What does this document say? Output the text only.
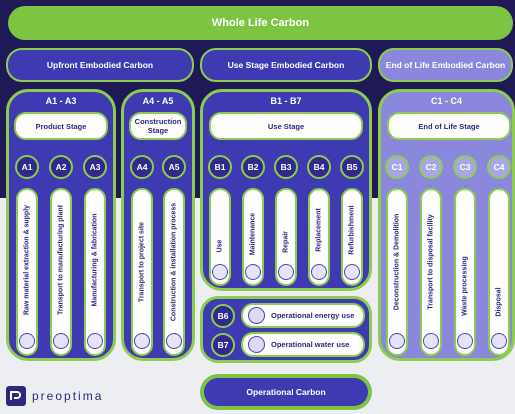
Whole Life Carbon
Upfront Embodied Carbon	Use Stage Embodied Carbon	End of Life Embodied Carbon
A1 - A3
Product Stage
A1	A2	A3
Raw material extraction & supply	Transport to manufacturing plant	Manufacturing & fabrication
A4 - A5
Construction Stage
A4	A5
Transport to project site	Construction & installation process
B1 - B7
Use Stage
B1	B2	B3	B4	B5
Use	Maintenance	Repair	Replacement	Refurbishment
B6
B7
Operational energy use
Operational water use
C1 - C4
End of Life Stage
C1	C2	C3	C4
Deconstruction & Demolition	Transport to disposal facility	Waste processing	Disposal
Operational Carbon
preoptima
